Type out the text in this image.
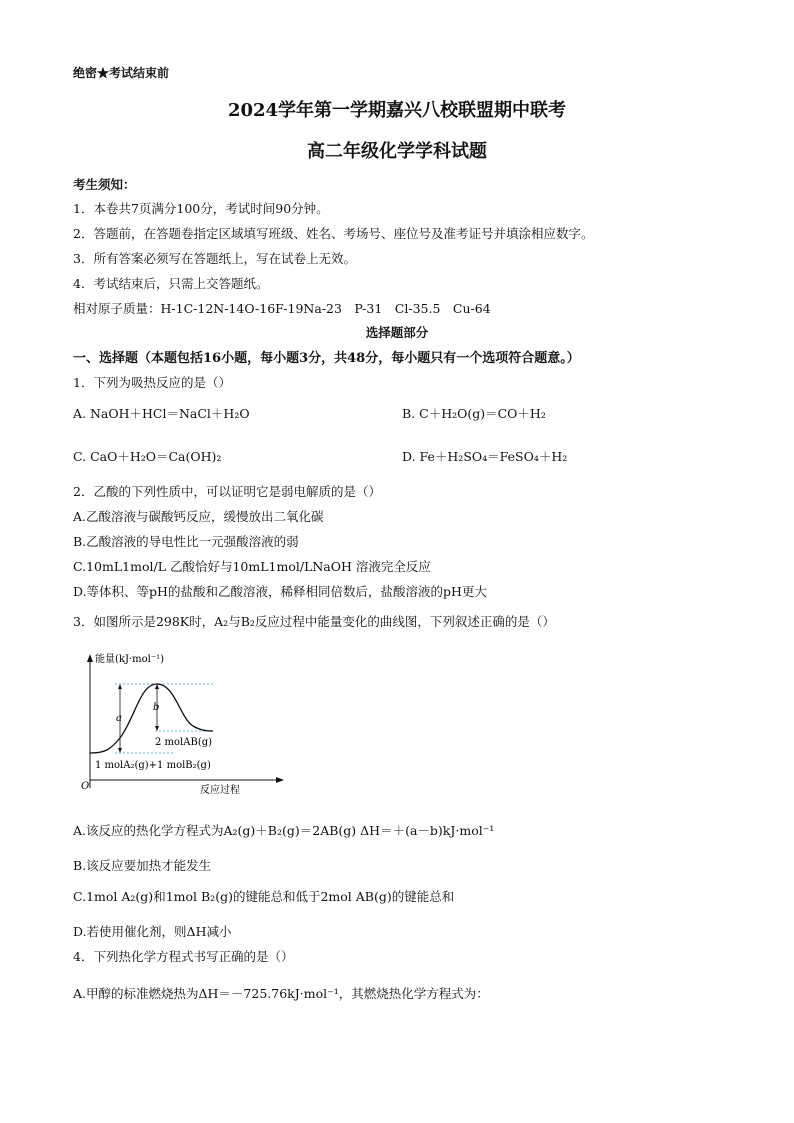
绝密★考试结束前
2024学年第一学期嘉兴八校联盟期中联考
高二年级化学学科试题
考生须知：
1．本卷共7页满分100分，考试时间90分钟。
2．答题前，在答题卷指定区域填写班级、姓名、考场号、座位号及准考证号并填涂相应数字。
3．所有答案必须写在答题纸上，写在试卷上无效。
4．考试结束后，只需上交答题纸。
相对原子质量：H-1C-12N-14O-16F-19Na-23　P-31　Cl-35.5　Cu-64
选择题部分
一、选择题（本题包括16小题，每小题3分，共48分，每小题只有一个选项符合题意。）
1．下列为吸热反应的是（）
A. NaOH＋HCl＝NaCl＋H₂O	B. C＋H₂O(g)＝CO＋H₂
C. CaO＋H₂O＝Ca(OH)₂	D. Fe＋H₂SO₄＝FeSO₄＋H₂
2．乙酸的下列性质中，可以证明它是弱电解质的是（）
A.乙酸溶液与碳酸钙反应，缓慢放出二氧化碳
B.乙酸溶液的导电性比一元强酸溶液的弱
C.10mL1mol/L 乙酸恰好与10mL1mol/LNaOH 溶液完全反应
D.等体积、等pH的盐酸和乙酸溶液，稀释相同倍数后，盐酸溶液的pH更大
3．如图所示是298K时，A₂与B₂反应过程中能量变化的曲线图，下列叙述正确的是（）
能量(kJ·mol⁻¹)
a
b
2 molAB(g)
1 molA₂(g)+1 molB₂(g)
O	反应过程
A.该反应的热化学方程式为A₂(g)＋B₂(g)＝2AB(g) ΔH＝＋(a－b)kJ·mol⁻¹
B.该反应要加热才能发生
C.1mol A₂(g)和1mol B₂(g)的键能总和低于2mol AB(g)的键能总和
D.若使用催化剂，则ΔH减小
4．下列热化学方程式书写正确的是（）
A.甲醇的标准燃烧热为ΔH＝－725.76kJ·mol⁻¹，其燃烧热化学方程式为：
